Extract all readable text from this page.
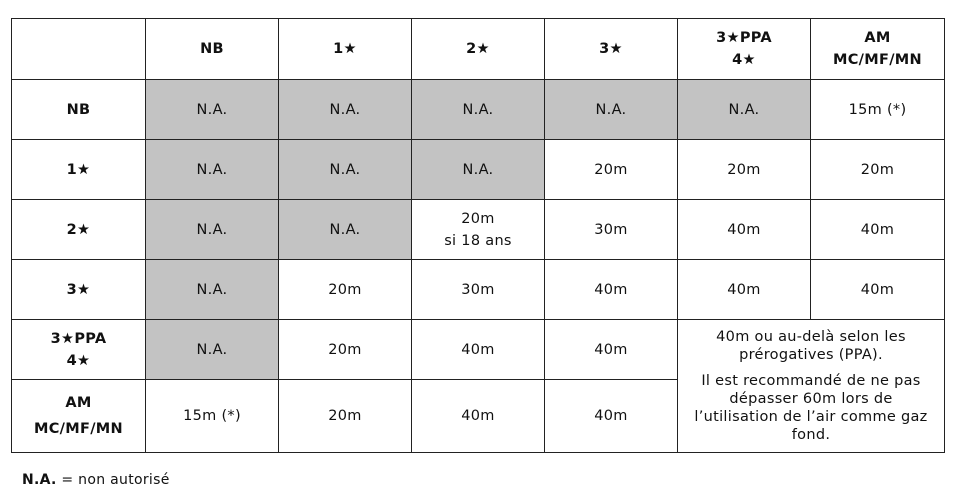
	NB	1★	2★	3★	3★PPA
4★	AM
MC/MF/MN

NB	N.A.	N.A.	N.A.	N.A.	N.A.	15m (*)

1★	N.A.	N.A.	N.A.	20m	20m	20m

2★	N.A.	N.A.	20m
si 18 ans	30m	40m	40m

3★	N.A.	20m	30m	40m	40m	40m

3★PPA
4★	N.A.	20m	40m	40m	40m ou au-delà selon les prérogatives (PPA).
Il est recommandé de ne pas dépasser 60m lors de l’utilisation de l’air comme gaz fond.	

AM
MC/MF/MN	15m (*)	20m	40m	40m		
N.A. = non autorisé
